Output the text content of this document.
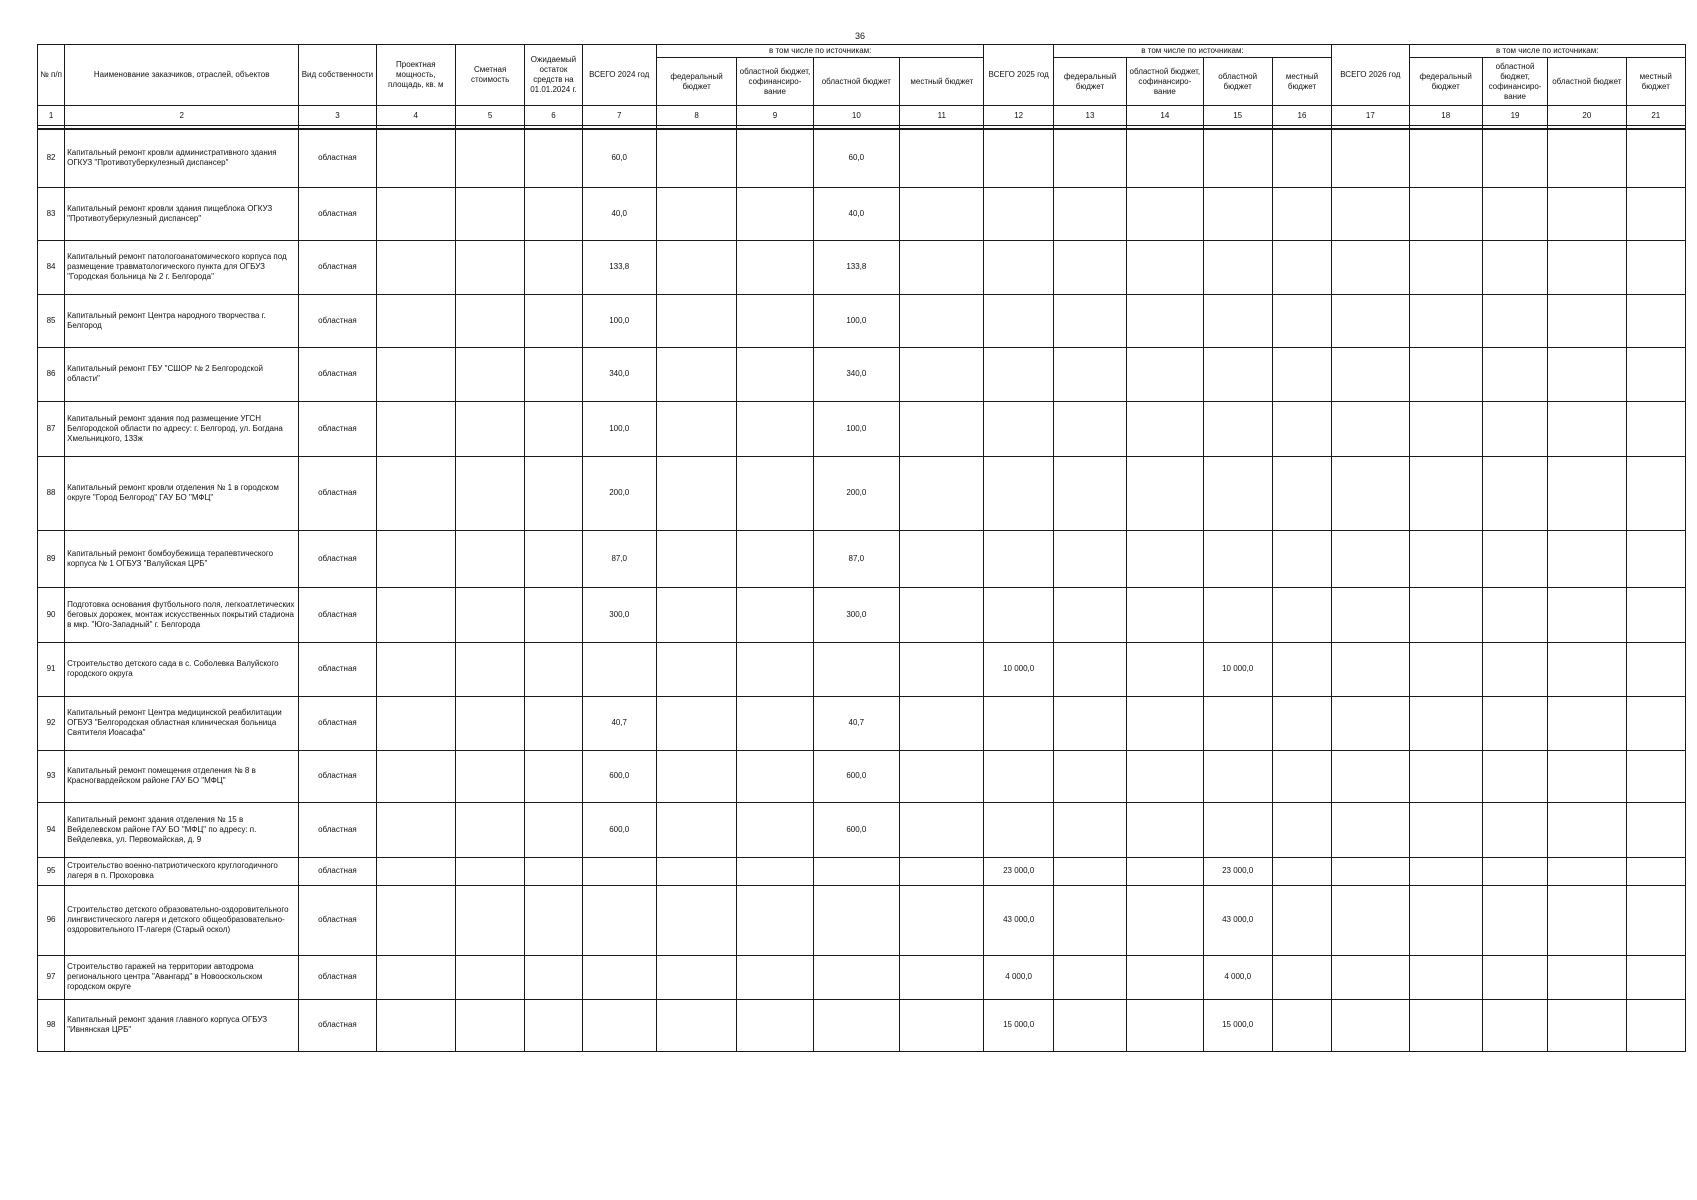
36
№ п/п	Наименование заказчиков, отраслей, объектов	Вид собственности	Проектная мощность, площадь, кв. м	Сметная стоимость	Ожидаемый остаток средств на 01.01.2024 г.	ВСЕГО 2024 год	в том числе по источникам:				ВСЕГО 2025 год	в том числе по источникам:				ВСЕГО 2026 год	в том числе по источникам:			
							федеральный бюджет	областной бюджет, софинансиро- вание	областной бюджет	местный бюджет		федеральный бюджет	областной бюджет, софинансиро- вание	областной бюджет	местный бюджет		федеральный бюджет	областной бюджет, софинансиро- вание	областной бюджет	местный бюджет
1	2	3	4	5	6	7	8	9	10	11	12	13	14	15	16	17	18	19	20	21

82	Капитальный ремонт кровли административного здания ОГКУЗ "Противотуберкулезный диспансер"	областная				60,0			60,0											
83	Капитальный ремонт кровли здания пищеблока ОГКУЗ "Противотуберкулезный диспансер"	областная				40,0			40,0											
84	Капитальный ремонт патологоанатомического корпуса под размещение травматологического пункта для ОГБУЗ "Городская больница № 2 г. Белгорода"	областная				133,8			133,8											
85	Капитальный ремонт Центра народного творчества г. Белгород	областная				100,0			100,0											
86	Капитальный ремонт ГБУ "СШОР № 2 Белгородской области"	областная				340,0			340,0											
87	Капитальный ремонт здания под размещение УГСН Белгородской области по адресу: г. Белгород, ул. Богдана Хмельницкого, 133ж	областная				100,0			100,0											
88	Капитальный ремонт кровли отделения № 1 в городском округе "Город Белгород" ГАУ БО "МФЦ"	областная				200,0			200,0											
89	Капитальный ремонт бомбоубежища терапевтического корпуса № 1 ОГБУЗ "Валуйская ЦРБ"	областная				87,0			87,0											
90	Подготовка основания футбольного поля, легкоатлетических беговых дорожек, монтаж искусственных покрытий стадиона в мкр. "Юго-Западный" г. Белгорода	областная				300,0			300,0											
91	Строительство детского сада в с. Соболевка Валуйского городского округа	областная									10 000,0			10 000,0						
92	Капитальный ремонт Центра медицинской реабилитации ОГБУЗ "Белгородская областная клиническая больница Святителя Иоасафа"	областная				40,7			40,7											
93	Капитальный ремонт помещения отделения № 8 в Красногвардейском районе ГАУ БО "МФЦ"	областная				600,0			600,0											
94	Капитальный ремонт здания отделения № 15 в Вейделевском районе ГАУ БО "МФЦ" по адресу: п. Вейделевка, ул. Первомайская, д. 9	областная				600,0			600,0											
95	Строительство военно-патриотического круглогодичного лагеря в п. Прохоровка	областная									23 000,0			23 000,0						
96	Строительство детского образовательно-оздоровительного лингвистического лагеря и детского общеобразовательно-оздоровительного IT-лагеря (Старый оскол)	областная									43 000,0			43 000,0						
97	Строительство гаражей на территории автодрома регионального центра "Авангард" в Новооскольском городском округе	областная									4 000,0			4 000,0						
98	Капитальный ремонт здания главного корпуса ОГБУЗ "Ивнянская ЦРБ"	областная									15 000,0			15 000,0						
